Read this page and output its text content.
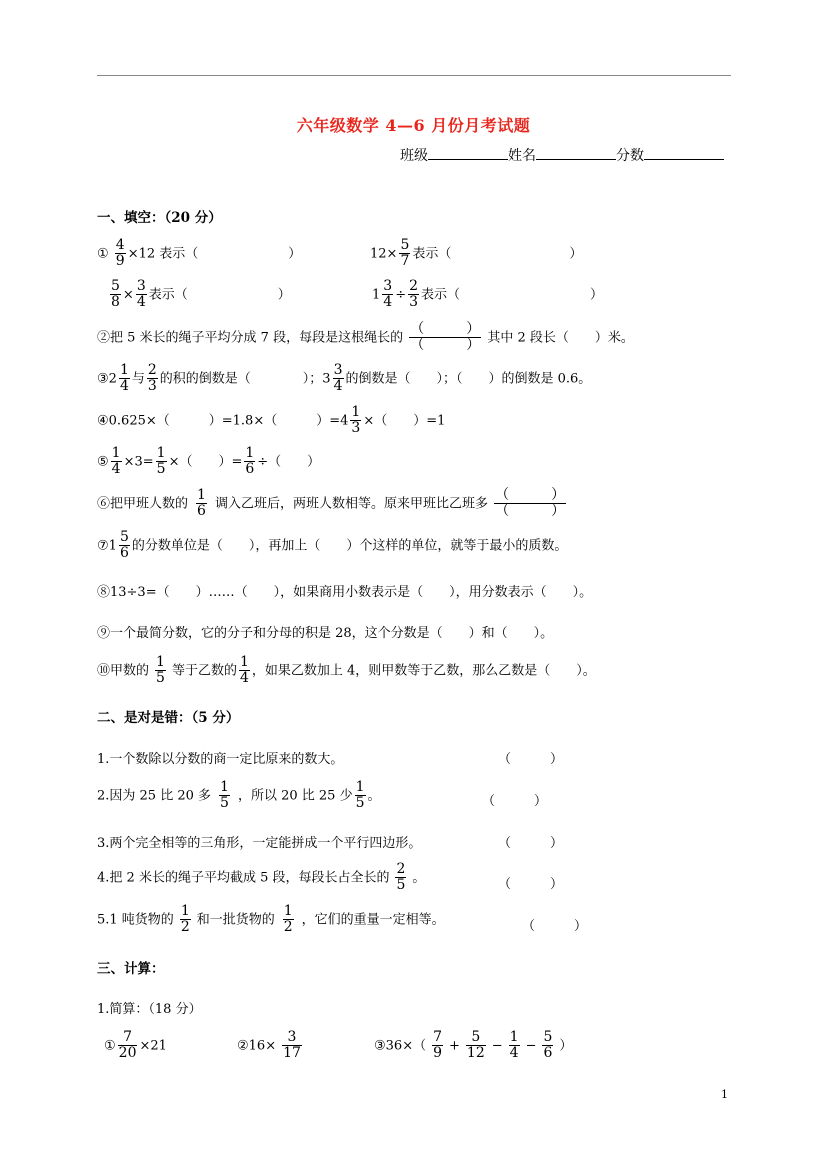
六年级数学 4—6 月份月考试题
班级	姓名	分数
一、填空：（20 分）
① $\frac{4}{9} \times 12$ 表示（	）	$12\times \frac{5}{7}$ 表示（	）
$\frac{5}{8} \times \frac{3}{4}$ 表示（	）	$1 \frac{3}{4} \div \frac{2}{3}$ 表示（	）
②把 5 米长的绳子平均分成 7 段，每段是这根绳长的 $\frac{( )}{( )}$ 其中 2 段长（　　）米。
③2 $\frac{1}{4}$ 与 $\frac{2}{3}$ 的积的倒数是（　　　　）；$3 \frac{3}{4}$ 的倒数是（　　）；（　　）的倒数是 0.6。
④0.625×（　　　）=1.8×（　　　）$=4 \frac{1}{3}$ ×（　　）=1
⑤ $\frac{1}{4} \times 3= \frac{1}{5}$ ×（　　）= $\frac{1}{6}$ ÷（　　）
⑥把甲班人数的 $\frac{1}{6}$ 调入乙班后，两班人数相等。原来甲班比乙班多 $\frac{( )}{( )}$
⑦1 $\frac{5}{6}$ 的分数单位是（　　），再加上（　　）个这样的单位，就等于最小的质数。
⑧13÷3=（　　）……（　　），如果商用小数表示是（　　），用分数表示（　　）。
⑨一个最简分数，它的分子和分母的积是 28，这个分数是（　　）和（　　）。
⑩甲数的 $\frac{1}{5}$ 等于乙数的 $\frac{1}{4}$ ，如果乙数加上 4，则甲数等于乙数，那么乙数是（　　）。
二、是对是错：（5 分）
1.一个数除以分数的商一定比原来的数大。	（　　　）
2.因为 25 比 20 多 $\frac{1}{5}$ ，所以 20 比 25 少 $\frac{1}{5}$ 。	（　　　）
3.两个完全相等的三角形，一定能拼成一个平行四边形。	（　　　）
4.把 2 米长的绳子平均截成 5 段，每段长占全长的 $\frac{2}{5}$ 。	（　　　）
5.1 吨货物的 $\frac{1}{2}$ 和一批货物的 $\frac{1}{2}$ ，它们的重量一定相等。	（　　　）
三、计算：
1.简算：（18 分）
① $\frac{7}{20} \times 21$	②16× $\frac{3}{17}$	③36×（ $\frac{7}{9} + \frac{5}{12} - \frac{1}{4} - \frac{5}{6}$ ）
1
